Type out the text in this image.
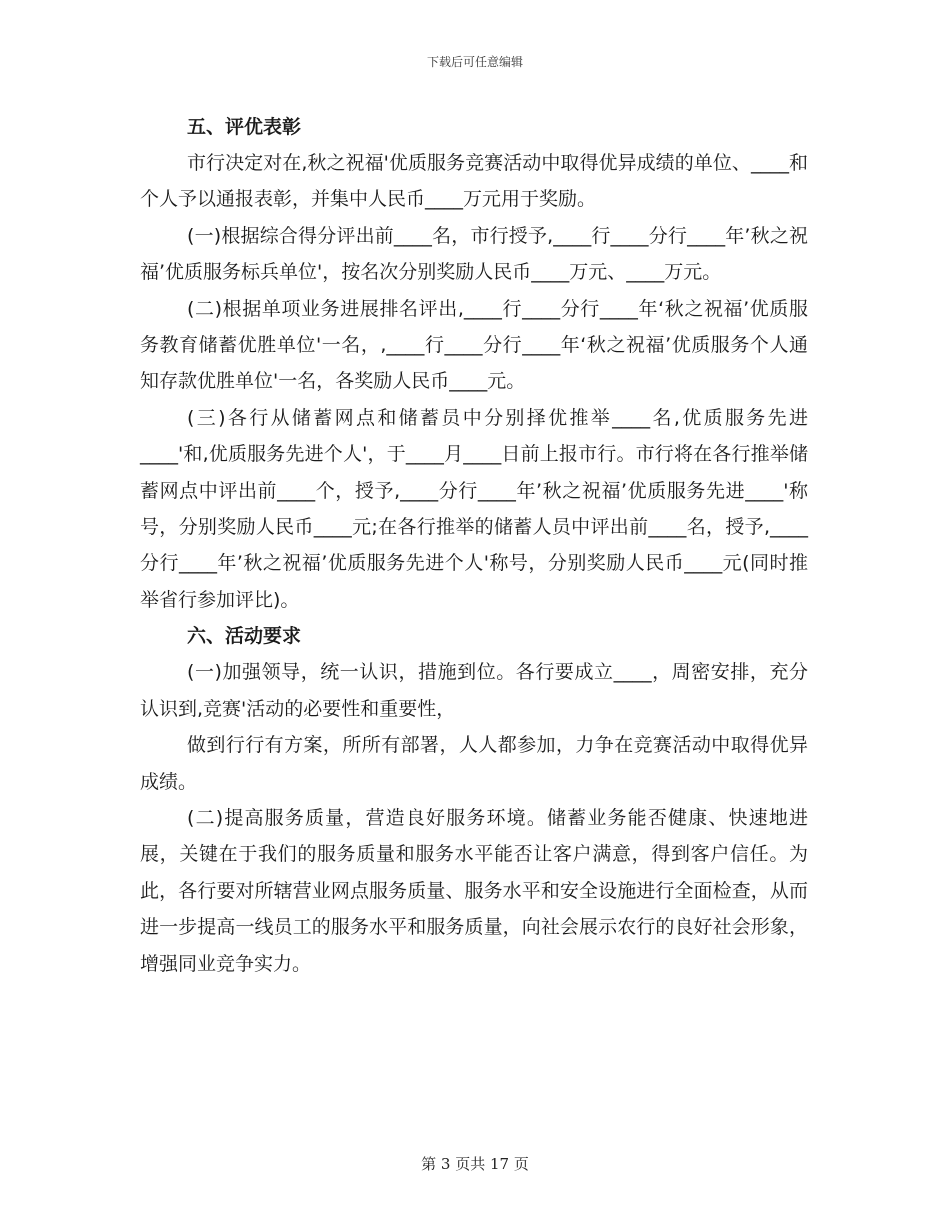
下载后可任意编辑

五、评优表彰

市行决定对在,秋之祝福'优质服务竞赛活动中取得优异成绩的单位、____和个人予以通报表彰，并集中人民币____万元用于奖励。

(一)根据综合得分评出前____名，市行授予,____行____分行____年’秋之祝福’优质服务标兵单位'，按名次分别奖励人民币____万元、____万元。

(二)根据单项业务进展排名评出,____行____分行____年‘秋之祝福’优质服务教育储蓄优胜单位'一名，,____行____分行____年‘秋之祝福’优质服务个人通知存款优胜单位'一名，各奖励人民币____元。

(三)各行从储蓄网点和储蓄员中分别择优推举____名,优质服务先进____'和,优质服务先进个人'，于____月____日前上报市行。市行将在各行推举储蓄网点中评出前____个，授予,____分行____年’秋之祝福’优质服务先进____'称号，分别奖励人民币____元;在各行推举的储蓄人员中评出前____名，授予,____分行____年’秋之祝福’优质服务先进个人'称号，分别奖励人民币____元(同时推举省行参加评比)。

六、活动要求

(一)加强领导，统一认识，措施到位。各行要成立____，周密安排，充分认识到,竞赛'活动的必要性和重要性，

做到行行有方案，所所有部署，人人都参加，力争在竞赛活动中取得优异成绩。

(二)提高服务质量，营造良好服务环境。储蓄业务能否健康、快速地进展，关键在于我们的服务质量和服务水平能否让客户满意，得到客户信任。为此，各行要对所辖营业网点服务质量、服务水平和安全设施进行全面检查，从而进一步提高一线员工的服务水平和服务质量，向社会展示农行的良好社会形象，增强同业竞争实力。

第 3 页共 17 页
